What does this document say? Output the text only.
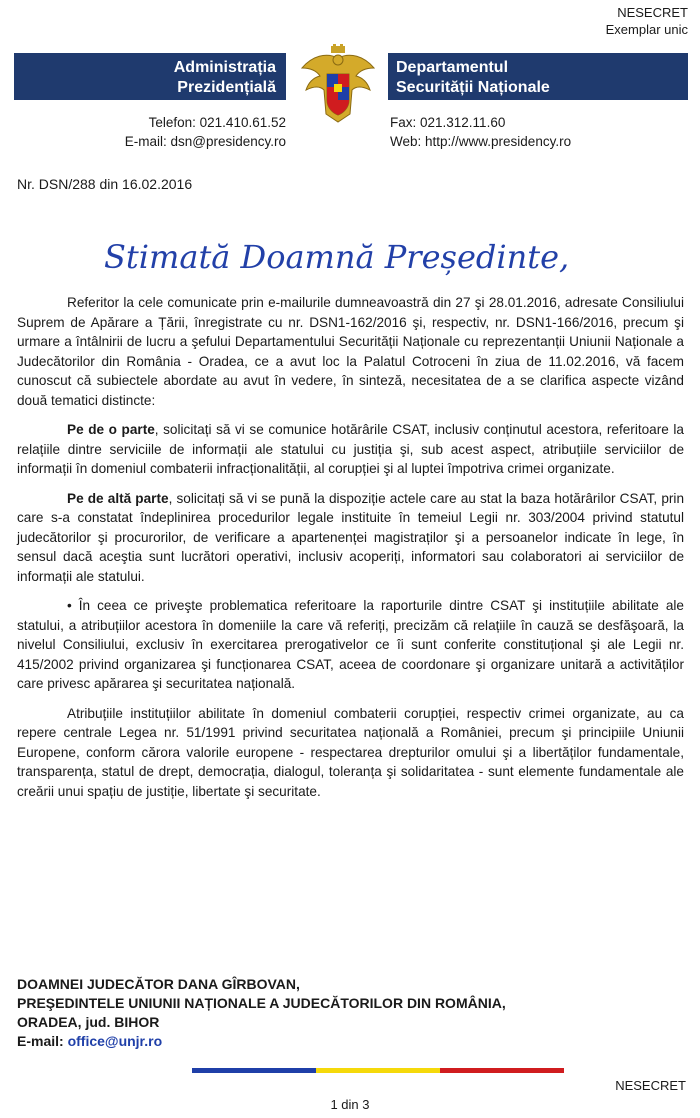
NESECRET
Exemplar unic
Administrația
Prezidențială
Departamentul
Securității Naționale
Telefon: 021.410.61.52
E-mail: dsn@presidency.ro
Fax: 021.312.11.60
Web: http://www.presidency.ro
Nr. DSN/288 din 16.02.2016
Stimată Doamnă Președinte,

Referitor la cele comunicate prin e-mailurile dumneavoastră din 27 şi 28.01.2016, adresate Consiliului Suprem de Apărare a Țării, înregistrate cu nr. DSN1-162/2016 şi, respectiv, nr. DSN1-166/2016, precum şi urmare a întâlnirii de lucru a şefului Departamentului Securității Naționale cu reprezentanții Uniunii Naționale a Judecătorilor din România - Oradea, ce a avut loc la Palatul Cotroceni în ziua de 11.02.2016, vă facem cunoscut că subiectele abordate au avut în vedere, în sinteză, necesitatea de a se clarifica aspecte vizând două tematici distincte:

Pe de o parte, solicitați să vi se comunice hotărârile CSAT, inclusiv conținutul acestora, referitoare la relațiile dintre serviciile de informații ale statului cu justiția şi, sub acest aspect, atribuțiile serviciilor de informații în domeniul combaterii infracționalității, al corupției şi al luptei împotriva crimei organizate.

Pe de altă parte, solicitați să vi se pună la dispoziție actele care au stat la baza hotărârilor CSAT, prin care s-a constatat îndeplinirea procedurilor legale instituite în temeiul Legii nr. 303/2004 privind statutul judecătorilor şi procurorilor, de verificare a apartenenței magistraților şi a persoanelor indicate în lege, în sensul dacă aceştia sunt lucrători operativi, inclusiv acoperiți, informatori sau colaboratori ai serviciilor de informații ale statului.

• În ceea ce priveşte problematica referitoare la raporturile dintre CSAT şi instituțiile abilitate ale statului, a atribuțiilor acestora în domeniile la care vă referiți, precizăm că relațiile în cauză se desfăşoară, la nivelul Consiliului, exclusiv în exercitarea prerogativelor ce îi sunt conferite constituțional şi ale Legii nr. 415/2002 privind organizarea şi funcționarea CSAT, aceea de coordonare şi organizare unitară a activităților care privesc apărarea şi securitatea națională.

Atribuțiile instituțiilor abilitate în domeniul combaterii corupției, respectiv crimei organizate, au ca repere centrale Legea nr. 51/1991 privind securitatea națională a României, precum şi principiile Uniunii Europene, conform cărora valorile europene - respectarea drepturilor omului şi a libertăților fundamentale, transparența, statul de drept, democrația, dialogul, toleranța şi solidaritatea - sunt elemente fundamentale ale creării unui spațiu de justiție, libertate şi securitate.

DOAMNEI JUDECĂTOR DANA GÎRBOVAN,
PREŞEDINTELE UNIUNII NAȚIONALE A JUDECĂTORILOR DIN ROMÂNIA,
ORADEA, jud. BIHOR
E-mail: office@unjr.ro
NESECRET
1 din 3
